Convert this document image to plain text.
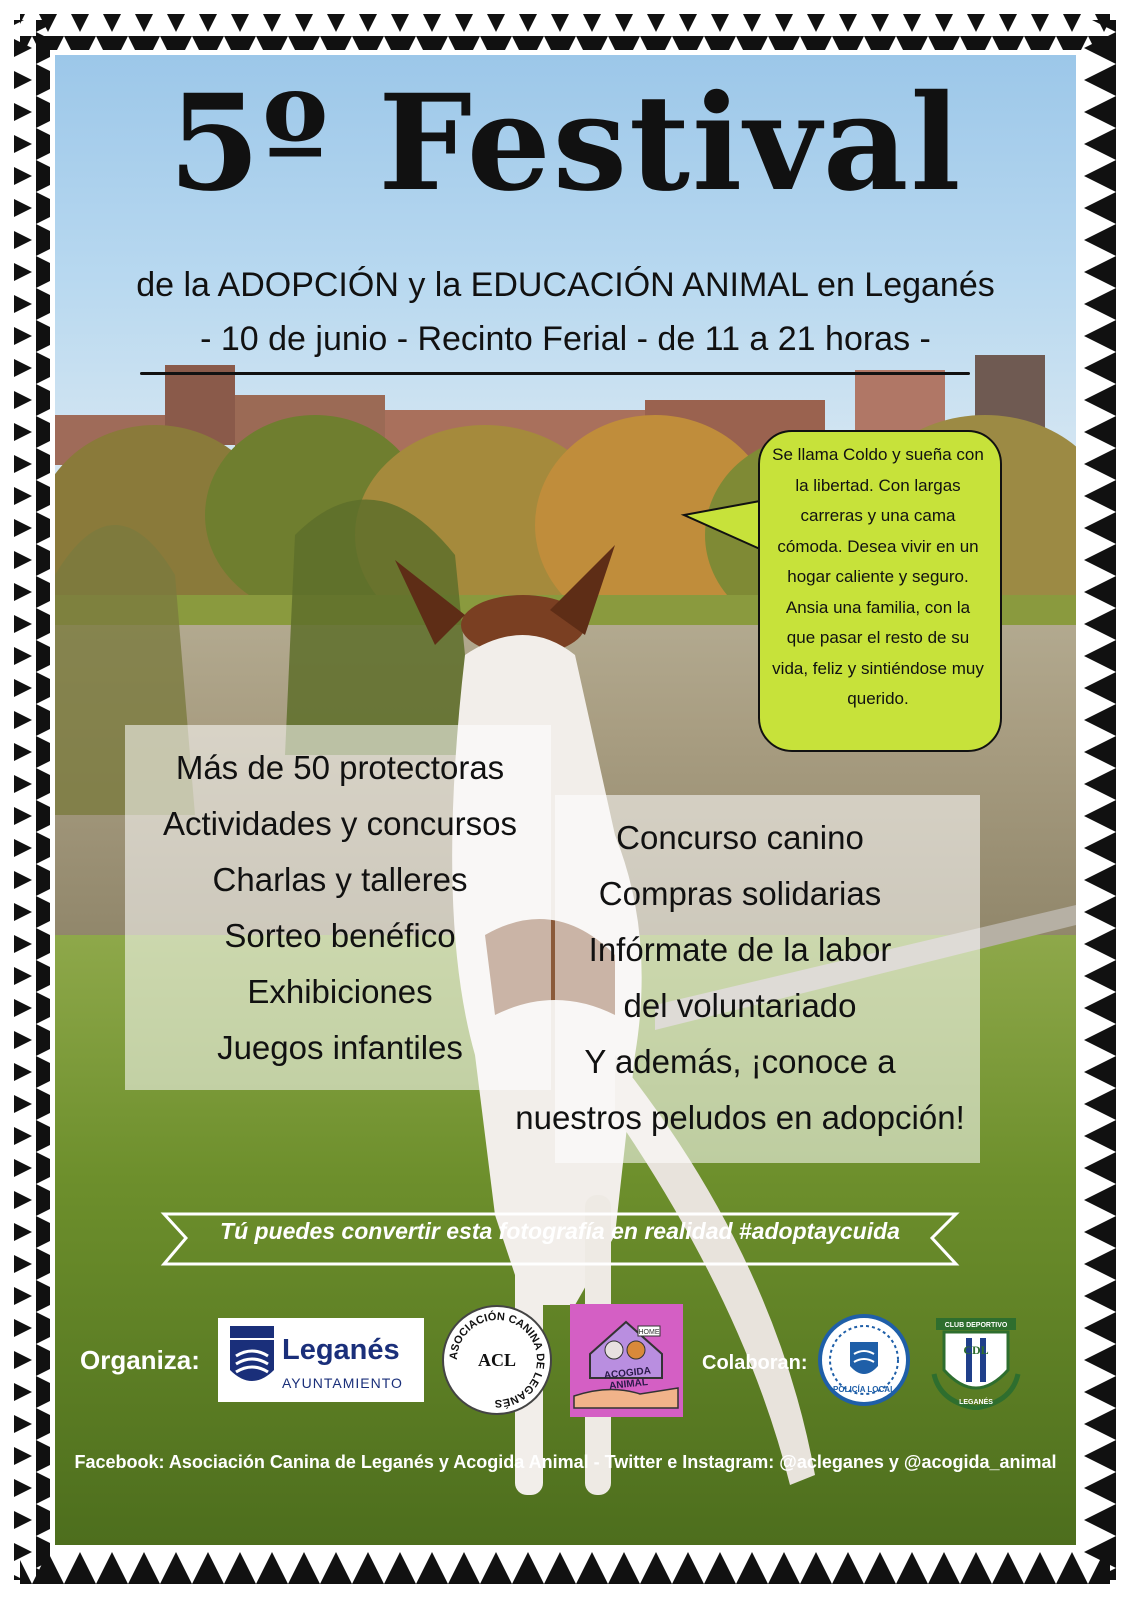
5º Festival
de la ADOPCIÓN y la EDUCACIÓN ANIMAL en Leganés
- 10 de junio - Recinto Ferial - de 11 a 21 horas -
Se llama Coldo y sueña con la libertad. Con largas carreras y una cama cómoda. Desea vivir en un hogar caliente y seguro. Ansia una familia, con la que pasar el resto de su vida, feliz y sintiéndose muy querido.
Más de 50 protectoras
Actividades y concursos
Charlas y talleres
Sorteo benéfico
Exhibiciones
Juegos infantiles
Concurso canino
Compras solidarias
Infórmate de la labor
del voluntariado
Y además, ¡conoce a
nuestros peludos en adopción!
Tú puedes convertir esta fotografía en realidad #adoptaycuida
Organiza:	Leganés
AYUNTAMIENTO
ASOCIACIÓN CANINA DE LEGANÉS
ACL
HOME
ACOGIDA ANIMAL
Colaboran:
POLICÍA LOCAL
CLUB DEPORTIVO
CDL
LEGANÉS
Facebook: Asociación Canina de Leganés y Acogida Animal - Twitter e Instagram: @acleganes y @acogida_animal
